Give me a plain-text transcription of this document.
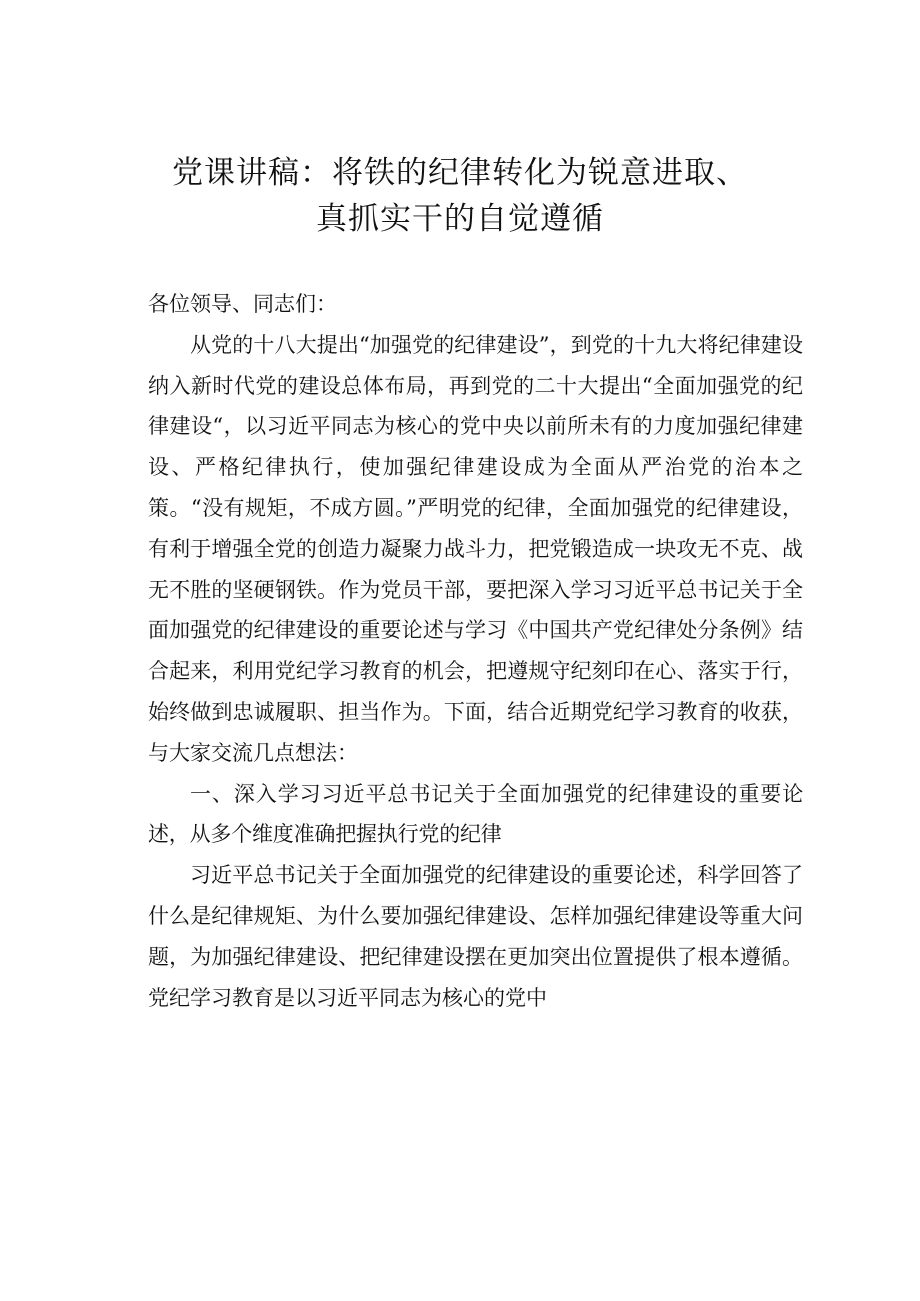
党课讲稿：将铁的纪律转化为锐意进取、
真抓实干的自觉遵循

各位领导、同志们：

从党的十八大提出“加强党的纪律建设”，到党的十九大将纪律建设纳入新时代党的建设总体布局，再到党的二十大提出“全面加强党的纪律建设“，以习近平同志为核心的党中央以前所未有的力度加强纪律建设、严格纪律执行，使加强纪律建设成为全面从严治党的治本之策。“没有规矩，不成方圆。”严明党的纪律，全面加强党的纪律建设，有利于增强全党的创造力凝聚力战斗力，把党锻造成一块攻无不克、战无不胜的坚硬钢铁。作为党员干部，要把深入学习习近平总书记关于全面加强党的纪律建设的重要论述与学习《中国共产党纪律处分条例》结合起来，利用党纪学习教育的机会，把遵规守纪刻印在心、落实于行，始终做到忠诚履职、担当作为。下面，结合近期党纪学习教育的收获，与大家交流几点想法：

一、深入学习习近平总书记关于全面加强党的纪律建设的重要论述，从多个维度准确把握执行党的纪律

习近平总书记关于全面加强党的纪律建设的重要论述，科学回答了什么是纪律规矩、为什么要加强纪律建设、怎样加强纪律建设等重大问题，为加强纪律建设、把纪律建设摆在更加突出位置提供了根本遵循。党纪学习教育是以习近平同志为核心的党中
